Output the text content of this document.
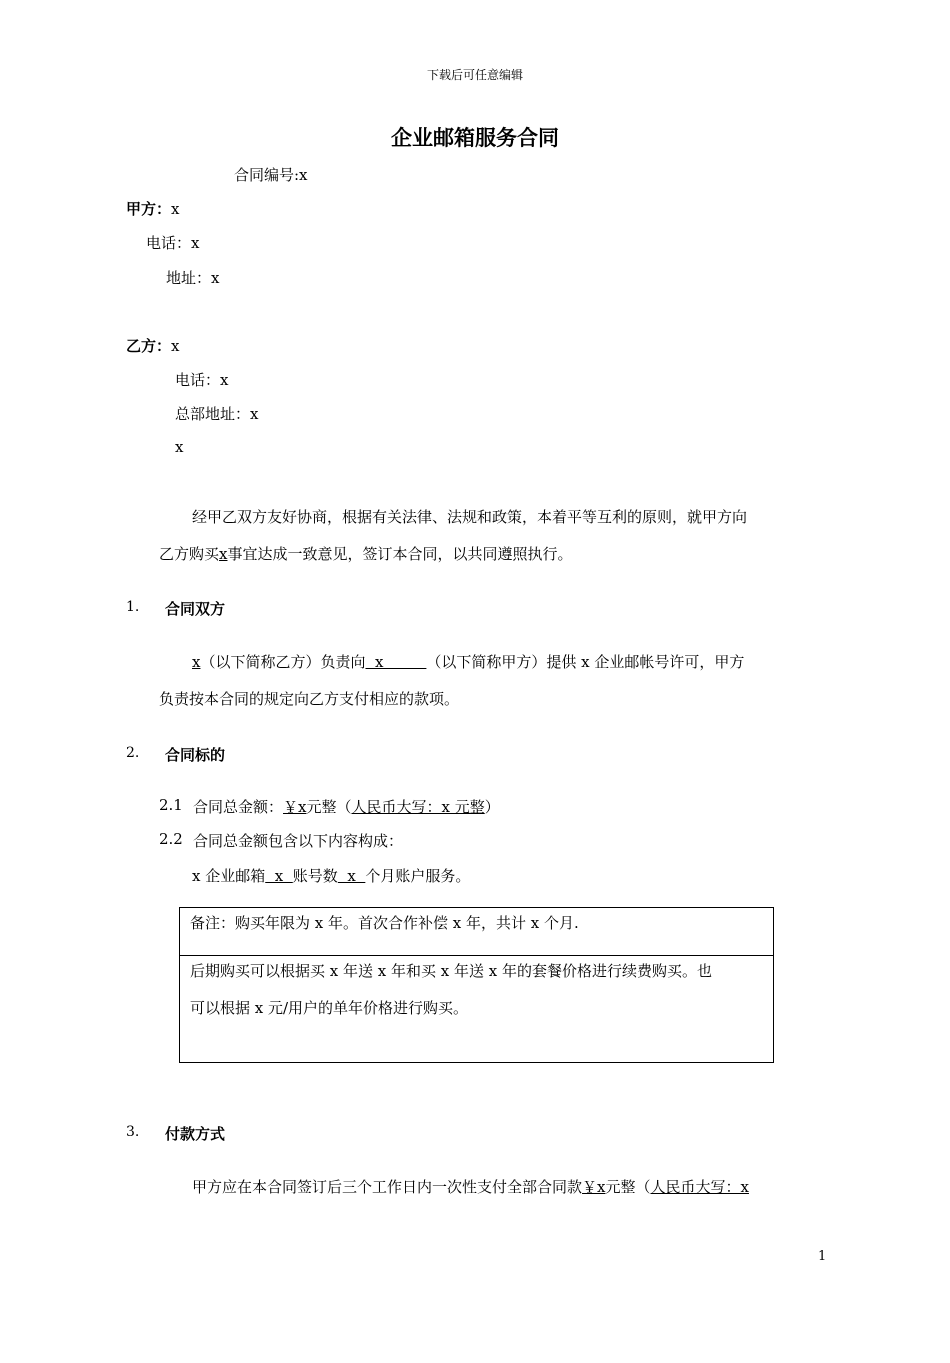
下载后可任意编辑
企业邮箱服务合同
合同编号:x
甲方：x
电话：x
地址：x
乙方：x
电话：x
总部地址：x
x
经甲乙双方友好协商，根据有关法律、法规和政策，本着平等互利的原则，就甲方向
乙方购买x事宜达成一致意见，签订本合同，以共同遵照执行。
1. 合同双方
x（以下简称乙方）负责向  x         （以下简称甲方）提供 x 企业邮帐号许可，甲方
负责按本合同的规定向乙方支付相应的款项。
2. 合同标的
2.1 合同总金额：￥x元整（人民币大写：x 元整）
2.2 合同总金额包含以下内容构成：
x 企业邮箱  x  账号数  x  个月账户服务。
备注：购买年限为 x 年。首次合作补偿 x 年，共计 x 个月.
后期购买可以根据买 x 年送 x 年和买 x 年送 x 年的套餐价格进行续费购买。也
可以根据 x 元/用户的单年价格进行购买。
3. 付款方式
甲方应在本合同签订后三个工作日内一次性支付全部合同款￥x元整（人民币大写：x
1
